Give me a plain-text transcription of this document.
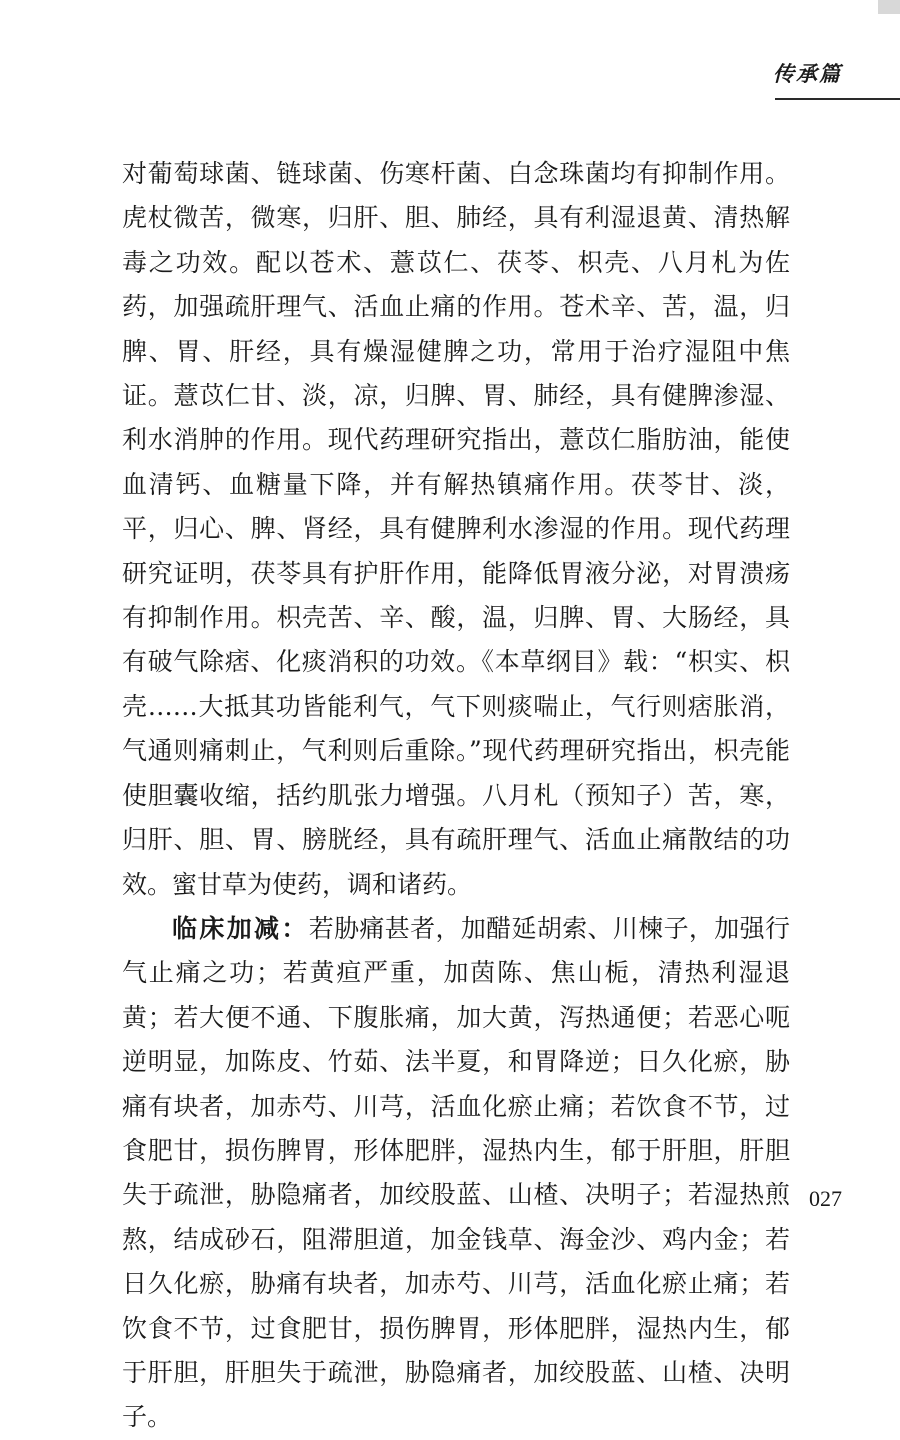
传承篇

对葡萄球菌、链球菌、伤寒杆菌、白念珠菌均有抑制作用。虎杖微苦，微寒，归肝、胆、肺经，具有利湿退黄、清热解毒之功效。配以苍术、薏苡仁、茯苓、枳壳、八月札为佐药，加强疏肝理气、活血止痛的作用。苍术辛、苦，温，归脾、胃、肝经，具有燥湿健脾之功，常用于治疗湿阻中焦证。薏苡仁甘、淡，凉，归脾、胃、肺经，具有健脾渗湿、利水消肿的作用。现代药理研究指出，薏苡仁脂肪油，能使血清钙、血糖量下降，并有解热镇痛作用。茯苓甘、淡，平，归心、脾、肾经，具有健脾利水渗湿的作用。现代药理研究证明，茯苓具有护肝作用，能降低胃液分泌，对胃溃疡有抑制作用。枳壳苦、辛、酸，温，归脾、胃、大肠经，具有破气除痞、化痰消积的功效。《本草纲目》载：“枳实、枳壳……大抵其功皆能利气，气下则痰喘止，气行则痞胀消，气通则痛刺止，气利则后重除。”现代药理研究指出，枳壳能使胆囊收缩，括约肌张力增强。八月札（预知子）苦，寒，归肝、胆、胃、膀胱经，具有疏肝理气、活血止痛散结的功效。蜜甘草为使药，调和诸药。

临床加减：若胁痛甚者，加醋延胡索、川楝子，加强行气止痛之功；若黄疸严重，加茵陈、焦山栀，清热利湿退黄；若大便不通、下腹胀痛，加大黄，泻热通便；若恶心呃逆明显，加陈皮、竹茹、法半夏，和胃降逆；日久化瘀，胁痛有块者，加赤芍、川芎，活血化瘀止痛；若饮食不节，过食肥甘，损伤脾胃，形体肥胖，湿热内生，郁于肝胆，肝胆失于疏泄，胁隐痛者，加绞股蓝、山楂、决明子；若湿热煎熬，结成砂石，阻滞胆道，加金钱草、海金沙、鸡内金；若日久化瘀，胁痛有块者，加赤芍、川芎，活血化瘀止痛；若饮食不节，过食肥甘，损伤脾胃，形体肥胖，湿热内生，郁于肝胆，肝胆失于疏泄，胁隐痛者，加绞股蓝、山楂、决明子。

027
